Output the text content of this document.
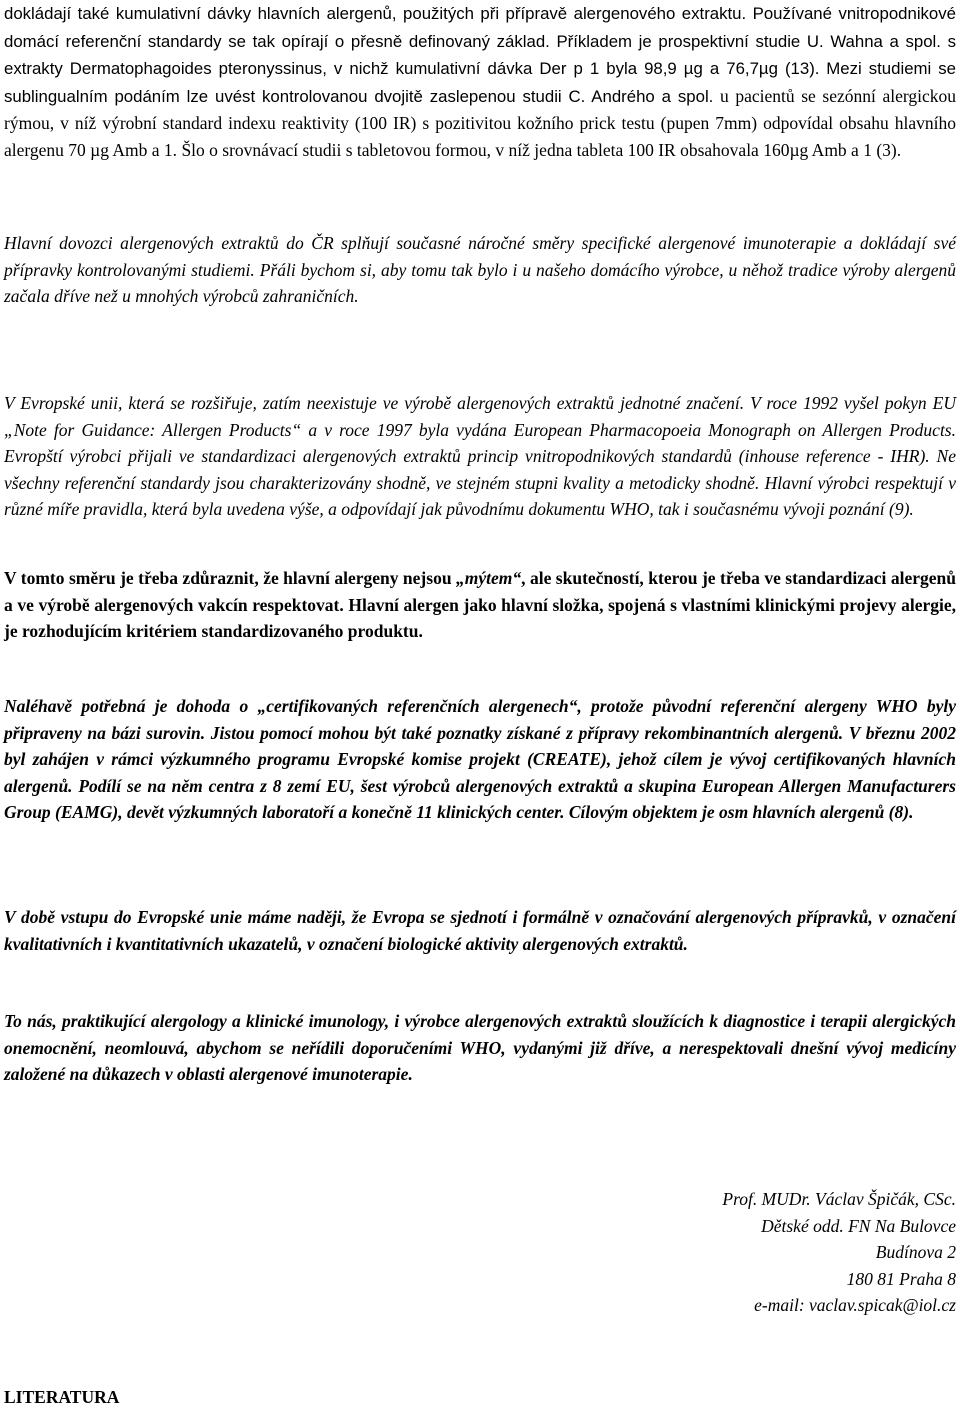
dokládají také kumulativní dávky hlavních alergenů, použitých při přípravě alergenového extraktu. Používané vnitropodnikové domácí referenční standardy se tak opírají o přesně definovaný základ. Příkladem je prospektivní studie U. Wahna a spol. s extrakty Dermatophagoides pteronyssinus, v nichž kumulativní dávka Der p 1 byla 98,9 µg a 76,7µg (13). Mezi studiemi se sublingualním podáním lze uvést kontrolovanou dvojitě zaslepenou studii C. Andrého a spol. u pacientů se sezónní alergickou rýmou, v níž výrobní standard indexu reaktivity (100 IR) s pozitivitou kožního prick testu (pupen 7mm) odpovídal obsahu hlavního alergenu 70 µg Amb a 1. Šlo o srovnávací studii s tabletovou formou, v níž jedna tableta 100 IR obsahovala 160µg Amb a 1 (3).

Hlavní dovozci alergenových extraktů do ČR splňují současné náročné směry specifické alergenové imunoterapie a dokládají své přípravky kontrolovanými studiemi. Přáli bychom si, aby tomu tak bylo i u našeho domácího výrobce, u něhož tradice výroby alergenů začala dříve než u mnohých výrobců zahraničních.

V Evropské unii, která se rozšiřuje, zatím neexistuje ve výrobě alergenových extraktů jednotné značení. V roce 1992 vyšel pokyn EU „Note for Guidance: Allergen Products“ a v roce 1997 byla vydána European Pharmacopoeia Monograph on Allergen Products. Evropští výrobci přijali ve standardizaci alergenových extraktů princip vnitropodnikových standardů (inhouse reference - IHR). Ne všechny referenční standardy jsou charakterizovány shodně, ve stejném stupni kvality a metodicky shodně. Hlavní výrobci respektují v různé míře pravidla, která byla uvedena výše, a odpovídají jak původnímu dokumentu WHO, tak i současnému vývoji poznání (9).

V tomto směru je třeba zdůraznit, že hlavní alergeny nejsou „mýtem“, ale skutečností, kterou je třeba ve standardizaci alergenů a ve výrobě alergenových vakcín respektovat. Hlavní alergen jako hlavní složka, spojená s vlastními klinickými projevy alergie, je rozhodujícím kritériem standardizovaného produktu.

Naléhavě potřebná je dohoda o „certifikovaných referenčních alergenech“, protože původní referenční alergeny WHO byly připraveny na bázi surovin. Jistou pomocí mohou být také poznatky získané z přípravy rekombinantních alergenů. V březnu 2002 byl zahájen v rámci výzkumného programu Evropské komise projekt (CREATE), jehož cílem je vývoj certifikovaných hlavních alergenů. Podílí se na něm centra z 8 zemí EU, šest výrobců alergenových extraktů a skupina European Allergen Manufacturers Group (EAMG), devět výzkumných laboratoří a konečně 11 klinických center. Cílovým objektem je osm hlavních alergenů (8).

V době vstupu do Evropské unie máme naději, že Evropa se sjednotí i formálně v označování alergenových přípravků, v označení kvalitativních i kvantitativních ukazatelů, v označení biologické aktivity alergenových extraktů.

To nás, praktikující alergology a klinické imunology, i výrobce alergenových extraktů sloužících k diagnostice i terapii alergických onemocnění, neomlouvá, abychom se neřídili doporučeními WHO, vydanými již dříve, a nerespektovali dnešní vývoj medicíny založené na důkazech v oblasti alergenové imunoterapie.

Prof. MUDr. Václav Špičák, CSc.
Dětské odd. FN Na Bulovce
Budínova 2
180 81 Praha 8
e-mail: vaclav.spicak@iol.cz
LITERATURA
